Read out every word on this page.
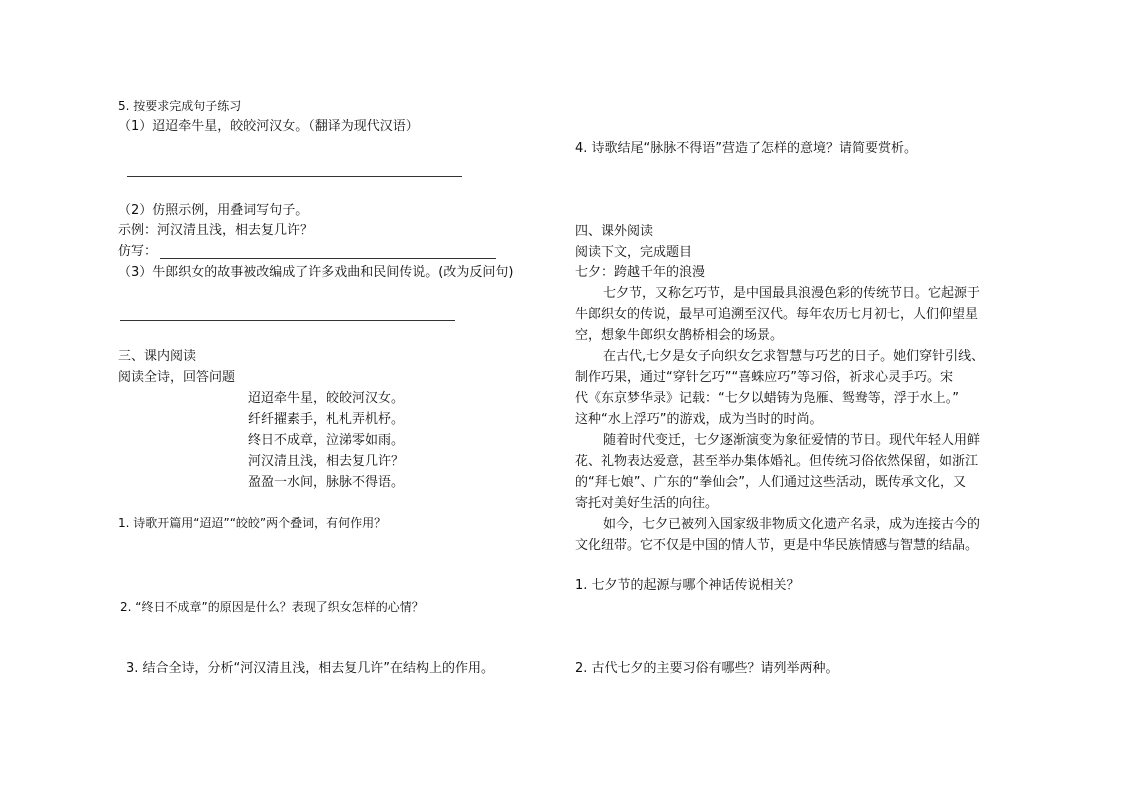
5. 按要求完成句子练习
（1）迢迢牵牛星，皎皎河汉女。（翻译为现代汉语）
（2）仿照示例，用叠词写句子。
示例：河汉清且浅，相去复几许？
仿写：
（3）牛郎织女的故事被改编成了许多戏曲和民间传说。(改为反问句)
三、课内阅读
阅读全诗，回答问题
迢迢牵牛星，皎皎河汉女。
纤纤擢素手，札札弄机杼。
终日不成章，泣涕零如雨。
河汉清且浅，相去复几许？
盈盈一水间，脉脉不得语。
1. 诗歌开篇用“迢迢”“皎皎”两个叠词，有何作用？
2. “终日不成章”的原因是什么？表现了织女怎样的心情？
3. 结合全诗，分析“河汉清且浅，相去复几许”在结构上的作用。
4. 诗歌结尾“脉脉不得语”营造了怎样的意境？请简要赏析。
四、课外阅读
阅读下文，完成题目
七夕：跨越千年的浪漫
七夕节，又称乞巧节，是中国最具浪漫色彩的传统节日。它起源于
牛郎织女的传说，最早可追溯至汉代。每年农历七月初七，人们仰望星
空，想象牛郎织女鹊桥相会的场景。
在古代,七夕是女子向织女乞求智慧与巧艺的日子。她们穿针引线、
制作巧果，通过“穿针乞巧”“喜蛛应巧”等习俗，祈求心灵手巧。宋
代《东京梦华录》记载：“七夕以蜡铸为凫雁、鸳鸯等，浮于水上。”
这种“水上浮巧”的游戏，成为当时的时尚。
随着时代变迁，七夕逐渐演变为象征爱情的节日。现代年轻人用鲜
花、礼物表达爱意，甚至举办集体婚礼。但传统习俗依然保留，如浙江
的“拜七娘”、广东的“拳仙会”，人们通过这些活动，既传承文化，又
寄托对美好生活的向往。
如今，七夕已被列入国家级非物质文化遗产名录，成为连接古今的
文化纽带。它不仅是中国的情人节，更是中华民族情感与智慧的结晶。
1. 七夕节的起源与哪个神话传说相关？
2. 古代七夕的主要习俗有哪些？请列举两种。
